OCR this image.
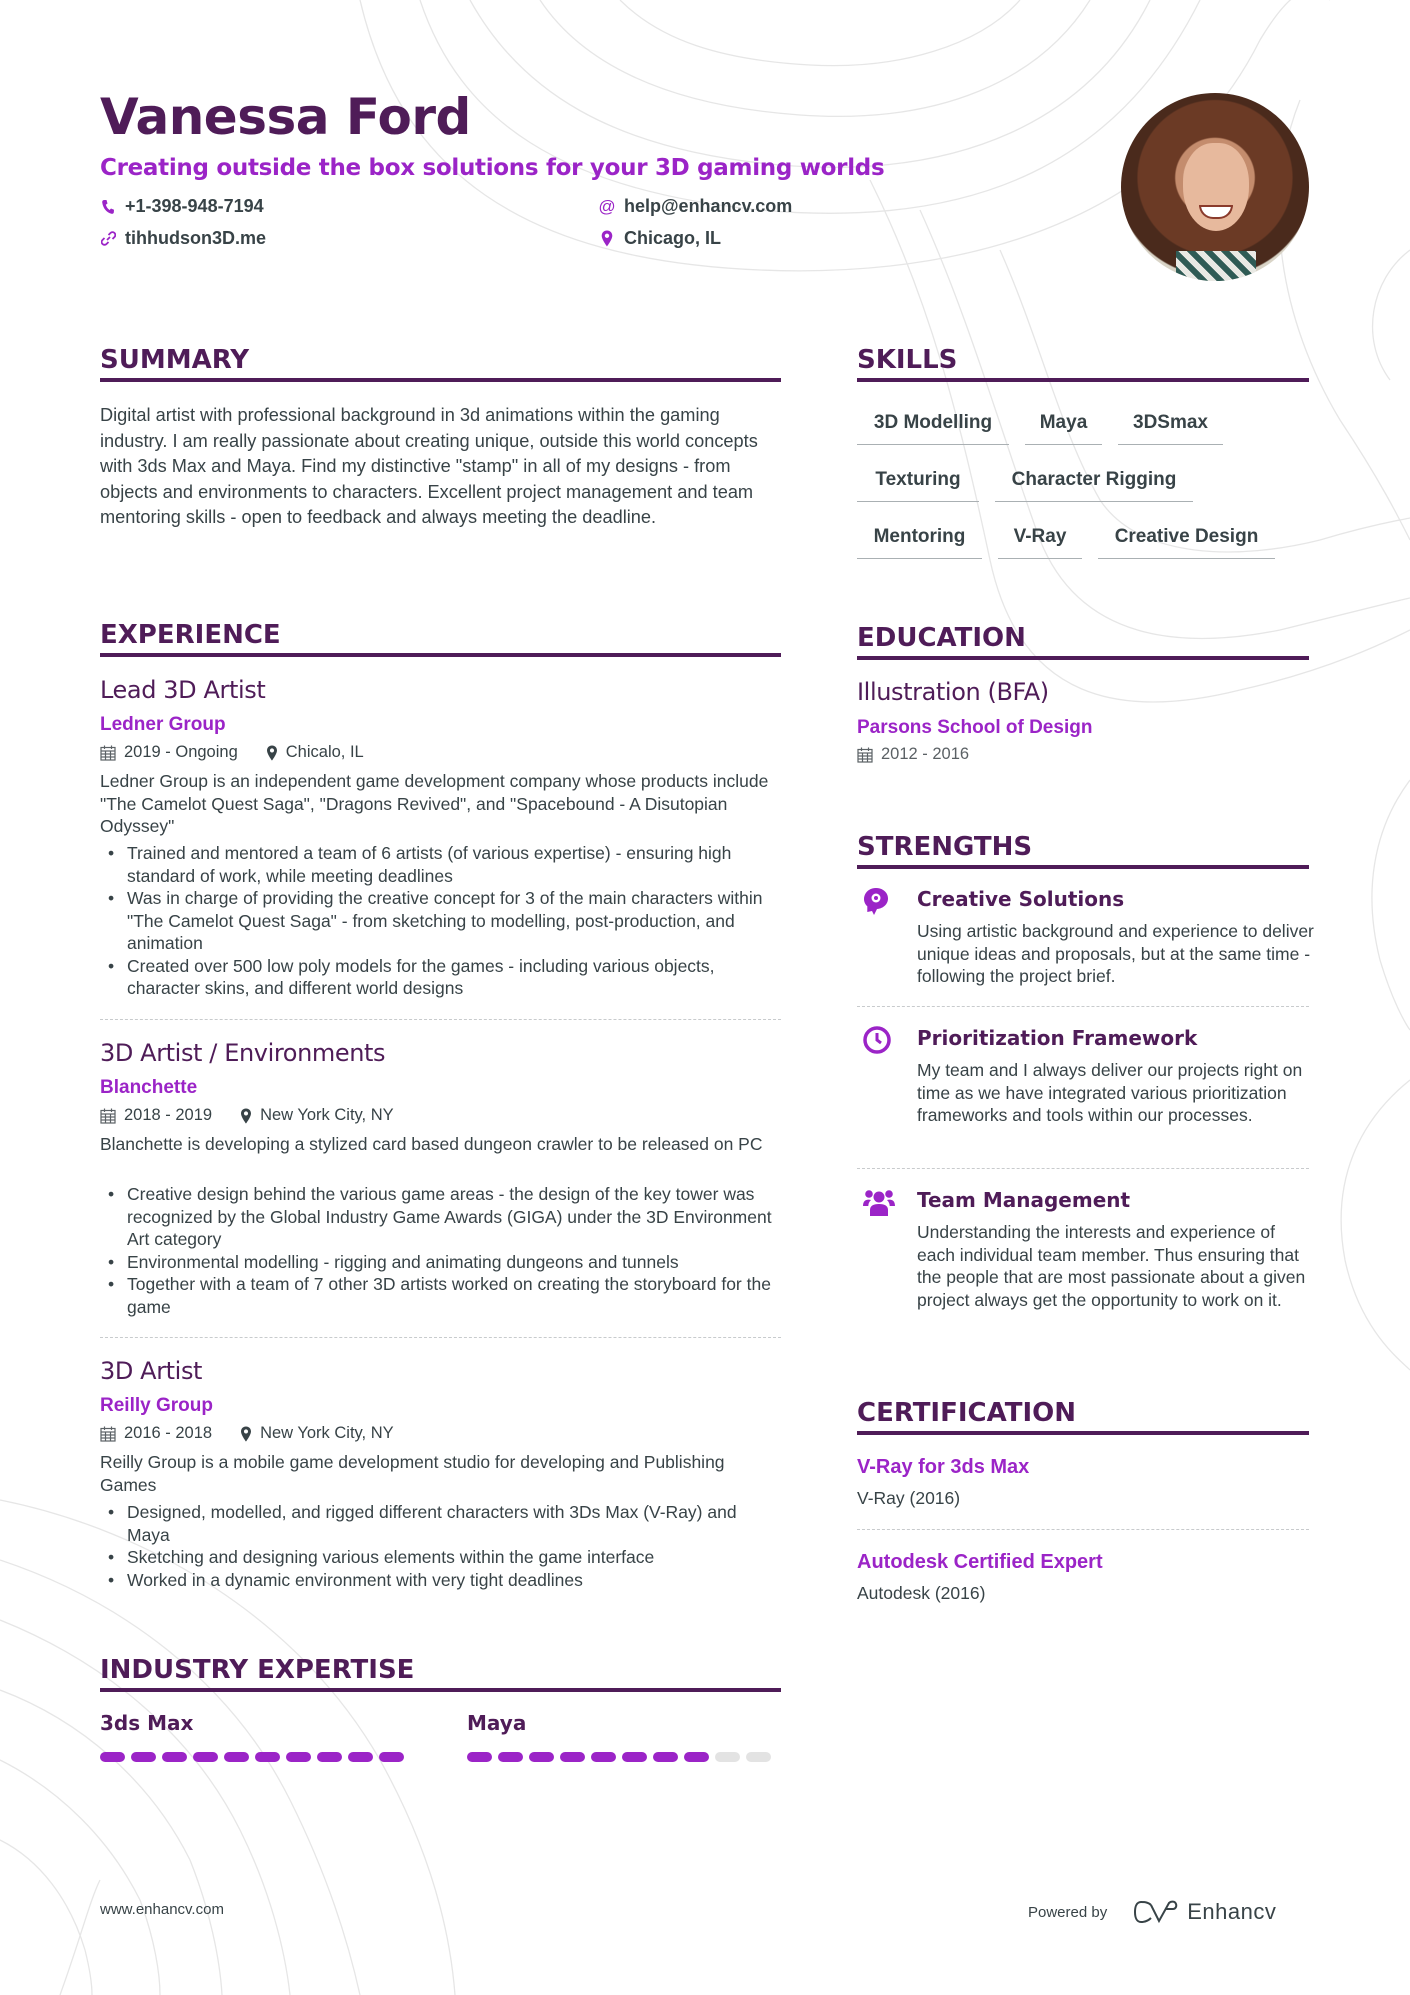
Vanessa Ford
Creating outside the box solutions for your 3D gaming worlds
+1-398-948-7194	@ help@enhancv.com
tihhudson3D.me	Chicago, IL
SUMMARY
Digital artist with professional background in 3d animations within the gaming industry. I am really passionate about creating unique, outside this world concepts with 3ds Max and Maya. Find my distinctive "stamp" in all of my designs - from objects and environments to characters. Excellent project management and team mentoring skills - open to feedback and always meeting the deadline.
SKILLS
3D Modelling	Maya	3DSmax
Texturing	Character Rigging
Mentoring	V-Ray	Creative Design
EXPERIENCE
Lead 3D Artist
Ledner Group
2019 - Ongoing	Chicalo, IL
Ledner Group is an independent game development company whose products include "The Camelot Quest Saga", "Dragons Revived", and "Spacebound - A Disutopian Odyssey"
• Trained and mentored a team of 6 artists (of various expertise) - ensuring high standard of work, while meeting deadlines
• Was in charge of providing the creative concept for 3 of the main characters within "The Camelot Quest Saga" - from sketching to modelling, post-production, and animation
• Created over 500 low poly models for the games - including various objects, character skins, and different world designs
3D Artist / Environments
Blanchette
2018 - 2019	New York City, NY
Blanchette is developing a stylized card based dungeon crawler to be released on PC
• Creative design behind the various game areas - the design of the key tower was recognized by the Global Industry Game Awards (GIGA) under the 3D Environment Art category
• Environmental modelling - rigging and animating dungeons and tunnels
• Together with a team of 7 other 3D artists worked on creating the storyboard for the game
3D Artist
Reilly Group
2016 - 2018	New York City, NY
Reilly Group is a mobile game development studio for developing and Publishing Games
• Designed, modelled, and rigged different characters with 3Ds Max (V-Ray) and Maya
• Sketching and designing various elements within the game interface
• Worked in a dynamic environment with very tight deadlines
INDUSTRY EXPERTISE
3ds Max	Maya
EDUCATION
Illustration (BFA)
Parsons School of Design
2012 - 2016
STRENGTHS
Creative Solutions
Using artistic background and experience to deliver unique ideas and proposals, but at the same time - following the project brief.
Prioritization Framework
My team and I always deliver our projects right on time as we have integrated various prioritization frameworks and tools within our processes.
Team Management
Understanding the interests and experience of each individual team member. Thus ensuring that the people that are most passionate about a given project always get the opportunity to work on it.
CERTIFICATION
V-Ray for 3ds Max
V-Ray (2016)
Autodesk Certified Expert
Autodesk (2016)
www.enhancv.com	Powered by	Enhancv
